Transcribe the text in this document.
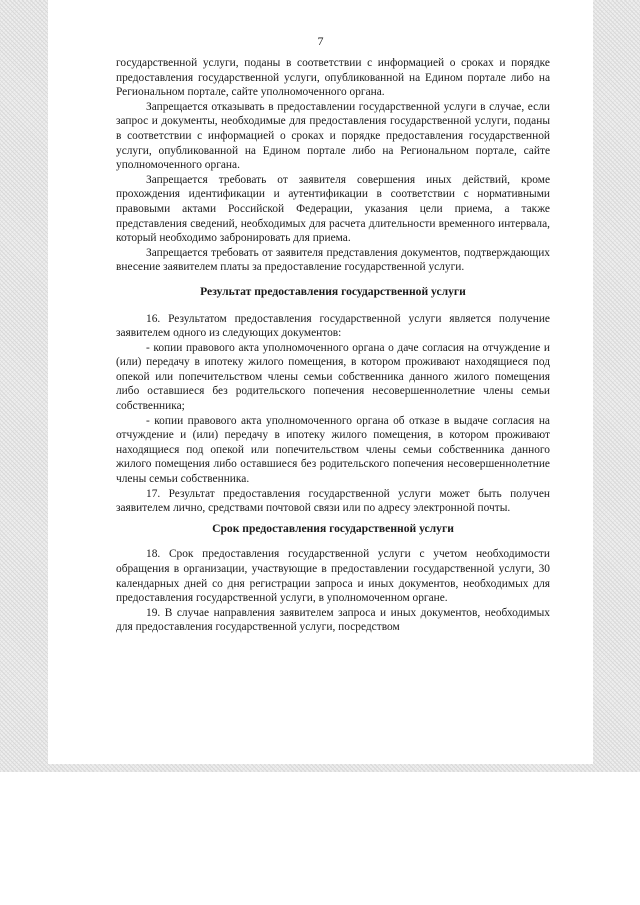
7

государственной услуги, поданы в соответствии с информацией о сроках и порядке предоставления государственной услуги, опубликованной на Едином портале либо на Региональном портале, сайте уполномоченного органа.

Запрещается отказывать в предоставлении государственной услуги в случае, если запрос и документы, необходимые для предоставления государственной услуги, поданы в соответствии с информацией о сроках и порядке предоставления государственной услуги, опубликованной на Едином портале либо на Региональном портале, сайте уполномоченного органа.

Запрещается требовать от заявителя совершения иных действий, кроме прохождения идентификации и аутентификации в соответствии с нормативными правовыми актами Российской Федерации, указания цели приема, а также представления сведений, необходимых для расчета длительности временного интервала, который необходимо забронировать для приема.

Запрещается требовать от заявителя представления документов, подтверждающих внесение заявителем платы за предоставление государственной услуги.

Результат предоставления государственной услуги

16. Результатом предоставления государственной услуги является получение заявителем одного из следующих документов:

- копии правового акта уполномоченного органа о даче согласия на отчуждение и (или) передачу в ипотеку жилого помещения, в котором проживают находящиеся под опекой или попечительством члены семьи собственника данного жилого помещения либо оставшиеся без родительского попечения несовершеннолетние члены семьи собственника;

- копии правового акта уполномоченного органа об отказе в выдаче согласия на отчуждение и (или) передачу в ипотеку жилого помещения, в котором проживают находящиеся под опекой или попечительством члены семьи собственника данного жилого помещения либо оставшиеся без родительского попечения несовершеннолетние члены семьи собственника.

17. Результат предоставления государственной услуги может быть получен заявителем лично, средствами почтовой связи или по адресу электронной почты.

Срок предоставления государственной услуги

18. Срок предоставления государственной услуги с учетом необходимости обращения в организации, участвующие в предоставлении государственной услуги, 30 календарных дней со дня регистрации запроса и иных документов, необходимых для предоставления государственной услуги, в уполномоченном органе.

19. В случае направления заявителем запроса и иных документов, необходимых для предоставления государственной услуги, посредством
